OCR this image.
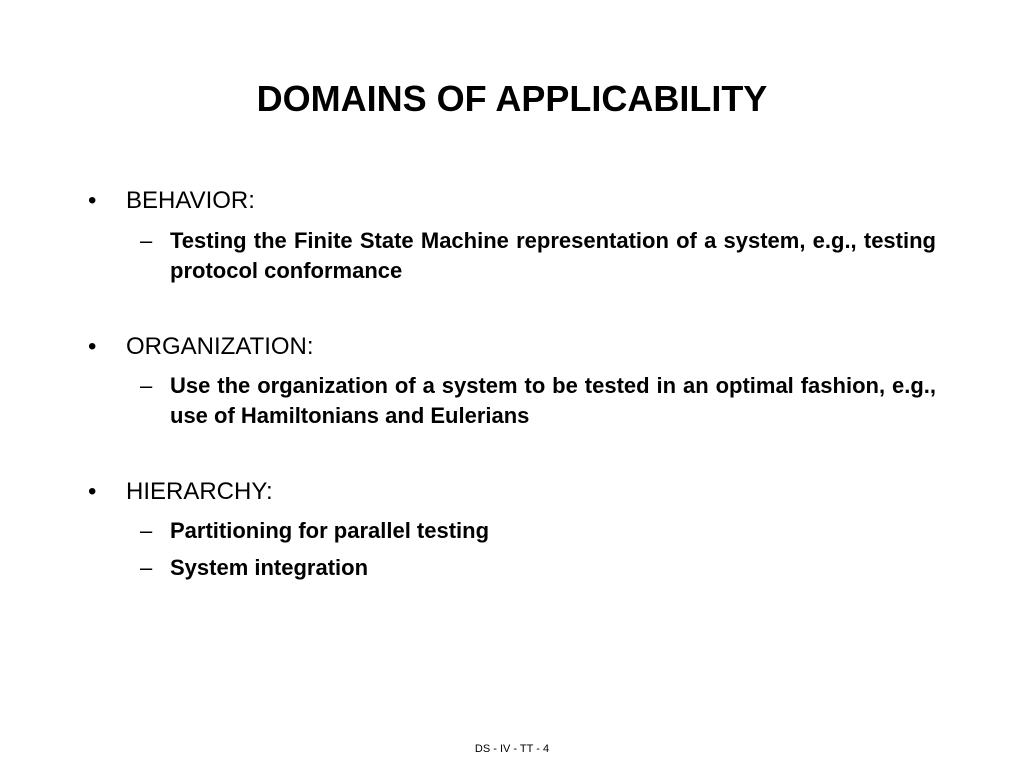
DOMAINS OF APPLICABILITY
•	BEHAVIOR:
– Testing the Finite State Machine representation of a system, e.g., testing protocol conformance
•	ORGANIZATION:
– Use the organization of a system to be tested in an optimal fashion, e.g., use of Hamiltonians and Eulerians
•	HIERARCHY:
– Partitioning for parallel testing
– System integration
DS - IV - TT - 4
